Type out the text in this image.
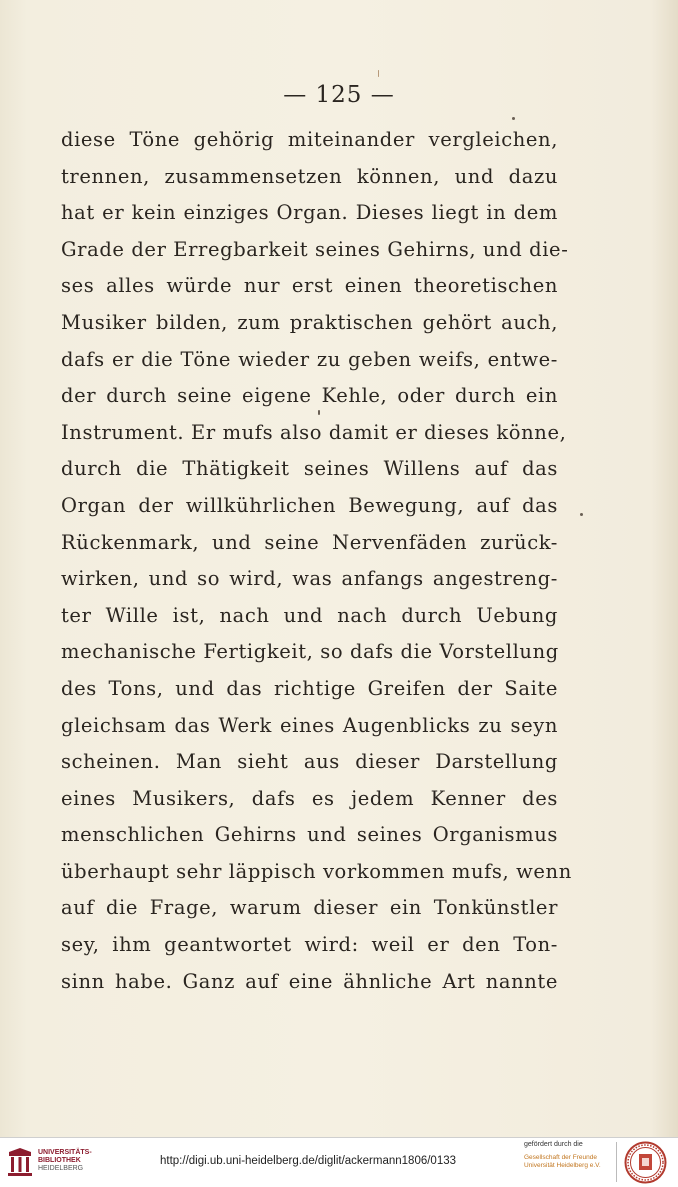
— 125 —
diese Töne gehörig miteinander vergleichen,
trennen, zusammensetzen können, und dazu
hat er kein einziges Organ. Dieses liegt in dem
Grade der Erregbarkeit seines Gehirns, und die-
ses alles würde nur erst einen theoretischen
Musiker bilden, zum praktischen gehört auch,
dafs er die Töne wieder zu geben weifs, entwe-
der durch seine eigene Kehle, oder durch ein
Instrument. Er mufs also damit er dieses könne,
durch die Thätigkeit seines Willens auf das
Organ der willkührlichen Bewegung, auf das
Rückenmark, und seine Nervenfäden zurück-
wirken, und so wird, was anfangs angestreng-
ter Wille ist, nach und nach durch Uebung
mechanische Fertigkeit, so dafs die Vorstellung
des Tons, und das richtige Greifen der Saite
gleichsam das Werk eines Augenblicks zu seyn
scheinen. Man sieht aus dieser Darstellung
eines Musikers, dafs es jedem Kenner des
menschlichen Gehirns und seines Organismus
überhaupt sehr läppisch vorkommen mufs, wenn
auf die Frage, warum dieser ein Tonkünstler
sey, ihm geantwortet wird: weil er den Ton-
sinn habe. Ganz auf eine ähnliche Art nannte
UNIVERSITÄTS-
BIBLIOTHEK
HEIDELBERG
http://digi.ub.uni-heidelberg.de/diglit/ackermann1806/0133
gefördert durch die
Gesellschaft der Freunde
Universität Heidelberg e.V.
